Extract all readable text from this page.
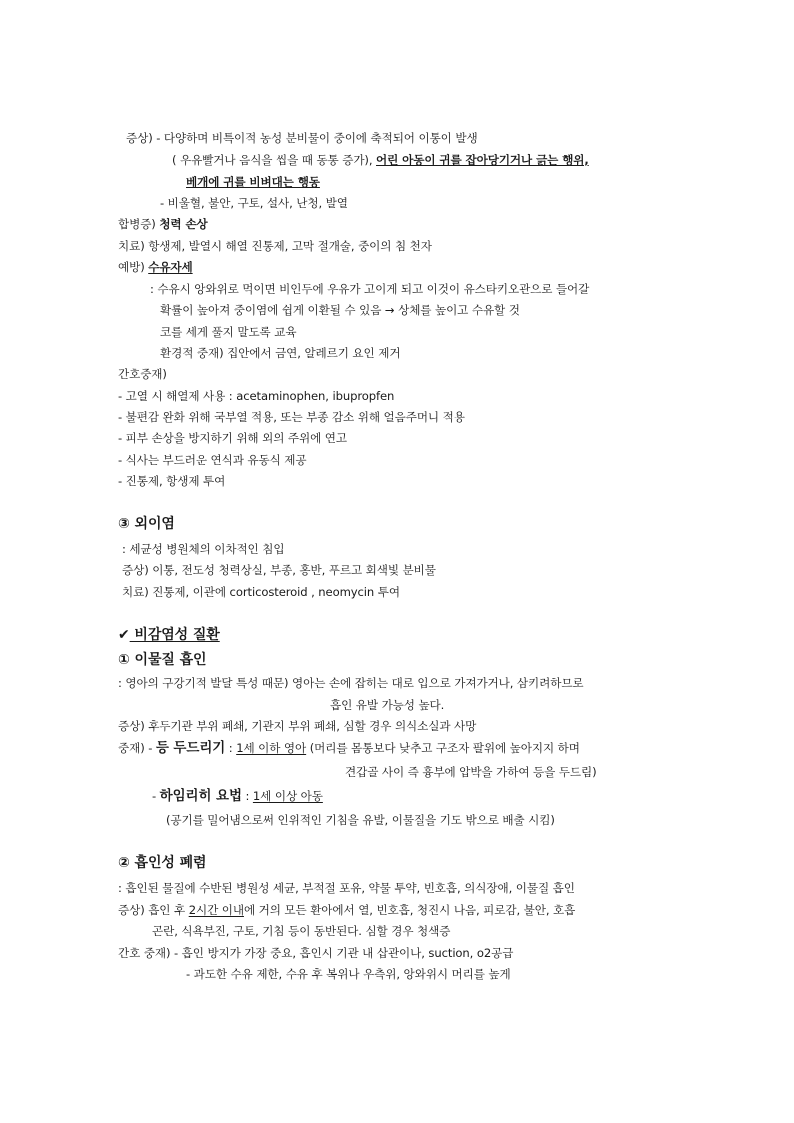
증상) - 다양하며 비특이적 농성 분비물이 중이에 축적되어 이통이 발생
( 우유빨거나 음식을 씹을 때 동통 증가), 어린 아동이 귀를 잡아당기거나 긁는 행위,
베개에 귀를 비벼대는 행동
- 비울혈, 불안, 구토, 설사, 난청, 발열
합병증) 청력 손상
치료) 항생제, 발열시 해열 진통제, 고막 절개술, 중이의 침 천자
예방) 수유자세
: 수유시 앙와위로 먹이면 비인두에 우유가 고이게 되고 이것이 유스타키오관으로 들어갈
확률이 높아져 중이염에 쉽게 이환될 수 있음 → 상체를 높이고 수유할 것
코를 세게 풀지 말도록 교육
환경적 중재) 집안에서 금연, 알레르기 요인 제거
간호중재)
- 고열 시 해열제 사용 : acetaminophen, ibupropfen
- 불편감 완화 위해 국부열 적용, 또는 부종 감소 위해 얼음주머니 적용
- 피부 손상을 방지하기 위해 외의 주위에 연고
- 식사는 부드러운 연식과 유동식 제공
- 진통제, 항생제 투여
③ 외이염
: 세균성 병원체의 이차적인 침입
증상) 이통, 전도성 청력상실, 부종, 홍반, 푸르고 회색빛 분비물
치료) 진통제, 이관에 corticosteroid , neomycin 투여
✔ 비감염성 질환
① 이물질 흡인
: 영아의 구강기적 발달 특성 때문) 영아는 손에 잡히는 대로 입으로 가져가거나, 삼키려하므로
흡인 유발 가능성 높다.
증상) 후두기관 부위 폐쇄, 기관지 부위 폐쇄, 심할 경우 의식소실과 사망
중재) - 등 두드리기 : 1세 이하 영아 (머리를 몸통보다 낮추고 구조자 팔위에 높아지지 하며
견갑골 사이 즉 흉부에 압박을 가하여 등을 두드림)
- 하임리히 요법 : 1세 이상 아동
(공기를 밀어냄으로써 인위적인 기침을 유발, 이물질을 기도 밖으로 배출 시킴)
② 흡인성 폐렴
: 흡인된 물질에 수반된 병원성 세균, 부적절 포유, 약물 투약, 빈호흡, 의식장애, 이물질 흡인
증상) 흡인 후 2시간 이내에 거의 모든 환아에서 열, 빈호흡, 청진시 나음, 피로감, 불안, 호흡
곤란, 식욕부진, 구토, 기침 등이 동반된다. 심할 경우 청색증
간호 중재) - 흡인 방지가 가장 중요, 흡인시 기관 내 삽관이나, suction, o2공급
- 과도한 수유 제한, 수유 후 복위나 우측위, 앙와위시 머리를 높게
